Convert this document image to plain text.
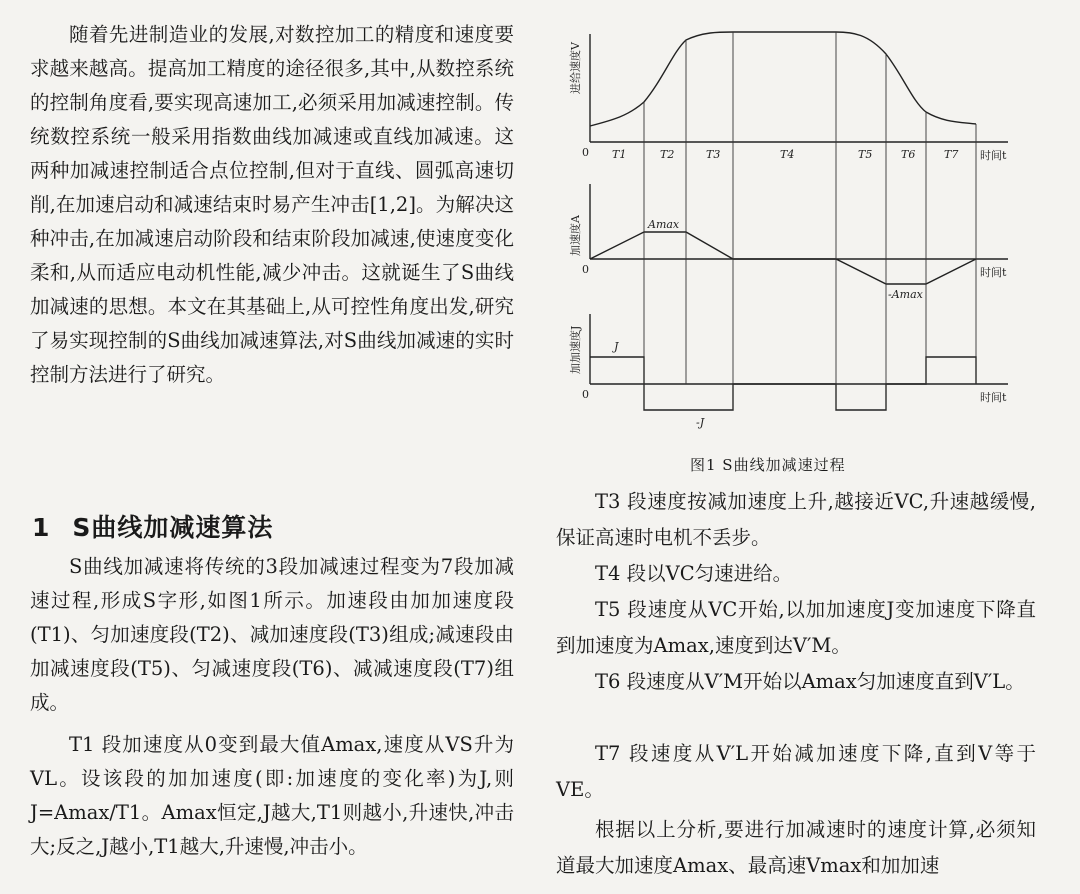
随着先进制造业的发展,对数控加工的精度和速度要求越来越高。提高加工精度的途径很多,其中,从数控系统的控制角度看,要实现高速加工,必须采用加减速控制。传统数控系统一般采用指数曲线加减速或直线加减速。这两种加减速控制适合点位控制,但对于直线、圆弧高速切削,在加速启动和减速结束时易产生冲击[1,2]。为解决这种冲击,在加减速启动阶段和结束阶段加减速,使速度变化柔和,从而适应电动机性能,减少冲击。这就诞生了S曲线加减速的思想。本文在其基础上,从可控性角度出发,研究了易实现控制的S曲线加减速算法,对S曲线加减速的实时控制方法进行了研究。

1 S曲线加减速算法

S曲线加减速将传统的3段加减速过程变为7段加减速过程,形成S字形,如图1所示。加速段由加加速度段(T1)、匀加速度段(T2)、减加速度段(T3)组成;减速段由加减速度段(T5)、匀减速度段(T6)、减减速度段(T7)组成。

T1 段加速度从0变到最大值Amax,速度从VS升为VL。设该段的加加速度(即:加速度的变化率)为J,则J=Amax/T1。Amax恒定,J越大,T1则越小,升速快,冲击大;反之,J越小,T1越大,升速慢,冲击小。

0
0
0
T1	T2	T3	T4	T5	T6	T7 时间t
时间t
时间t
Amax
-Amax
J
-J
进给速度V
加速度A
加加速度J
图1 S曲线加减速过程

T3 段速度按减加速度上升,越接近VC,升速越缓慢,保证高速时电机不丢步。

T4 段以VC匀速进给。

T5 段速度从VC开始,以加加速度J变加速度下降直到加速度为Amax,速度到达V′M。

T6 段速度从V′M开始以Amax匀加速度直到V′L。

T7 段速度从V′L开始减加速度下降,直到V等于VE。

根据以上分析,要进行加减速时的速度计算,必须知道最大加速度Amax、最高速Vmax和加加速
